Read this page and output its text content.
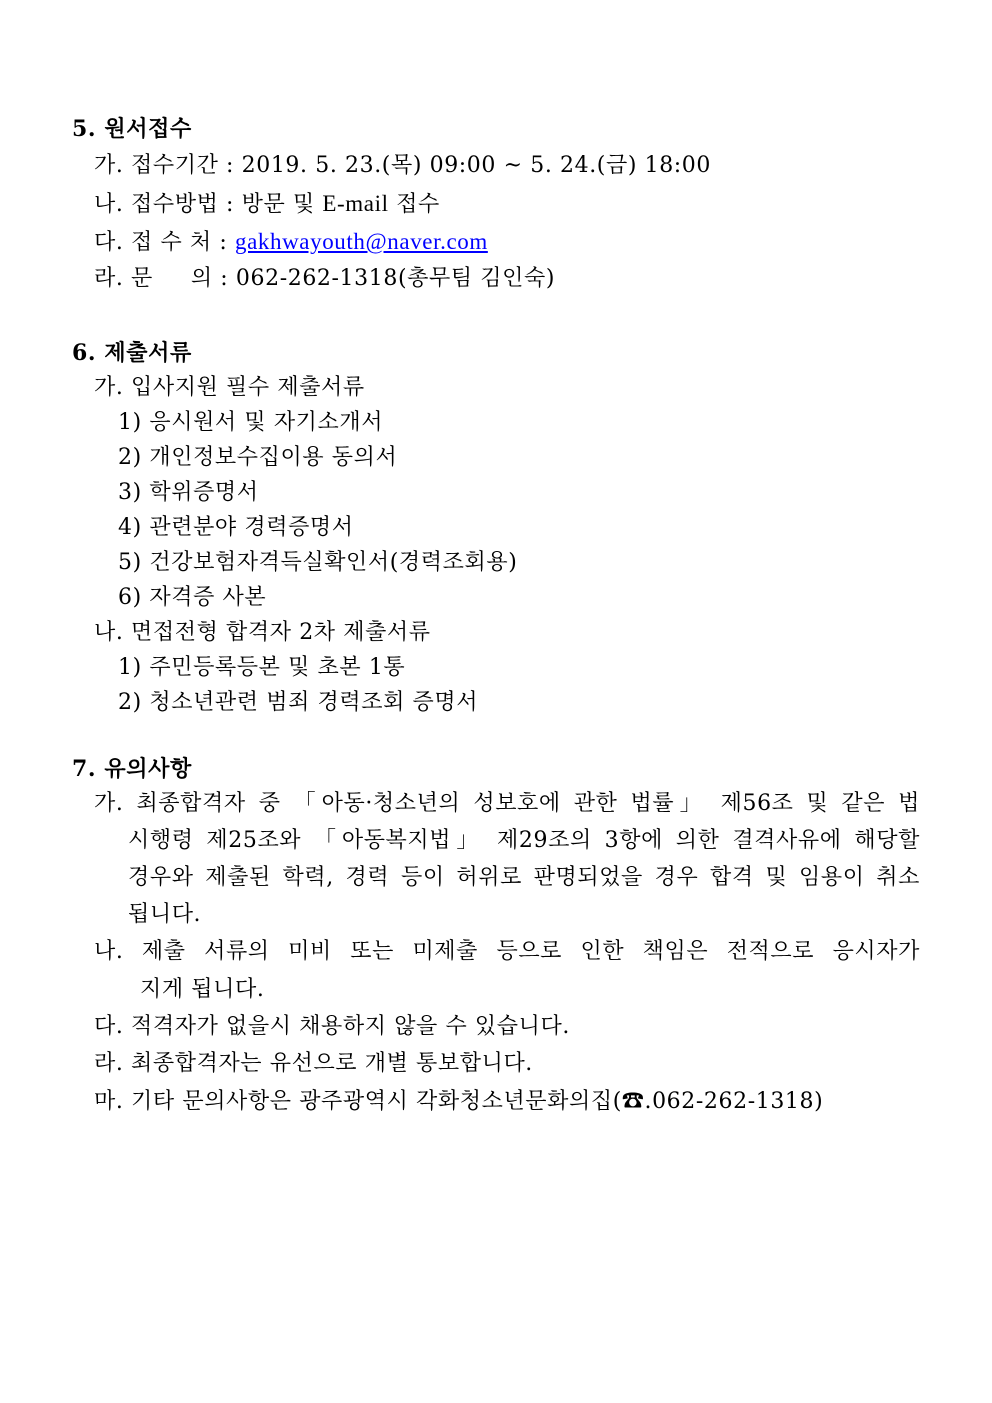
5. 원서접수
가. 접수기간 : 2019. 5. 23.(목) 09:00 ~ 5. 24.(금) 18:00
나. 접수방법 : 방문 및 E-mail 접수
다. 접 수 처 : gakhwayouth@naver.com
라. 문     의 : 062-262-1318(총무팀 김인숙)
6. 제출서류
가. 입사지원 필수 제출서류
1) 응시원서 및 자기소개서
2) 개인정보수집이용 동의서
3) 학위증명서
4) 관련분야 경력증명서
5) 건강보험자격득실확인서(경력조회용)
6) 자격증 사본
나. 면접전형 합격자 2차 제출서류
1) 주민등록등본 및 초본 1통
2) 청소년관련 범죄 경력조회 증명서
7. 유의사항
가. 최종합격자 중 「아동·청소년의 성보호에 관한 법률」 제56조 및 같은 법
시행령 제25조와 「아동복지법」 제29조의 3항에 의한 결격사유에 해당할
경우와 제출된 학력, 경력 등이 허위로 판명되었을 경우 합격 및 임용이 취소
됩니다.
나. 제출 서류의 미비 또는 미제출 등으로 인한 책임은 전적으로 응시자가
지게 됩니다.
다. 적격자가 없을시 채용하지 않을 수 있습니다.
라. 최종합격자는 유선으로 개별 통보합니다.
마. 기타 문의사항은 광주광역시 각화청소년문화의집(☎.062-262-1318)
